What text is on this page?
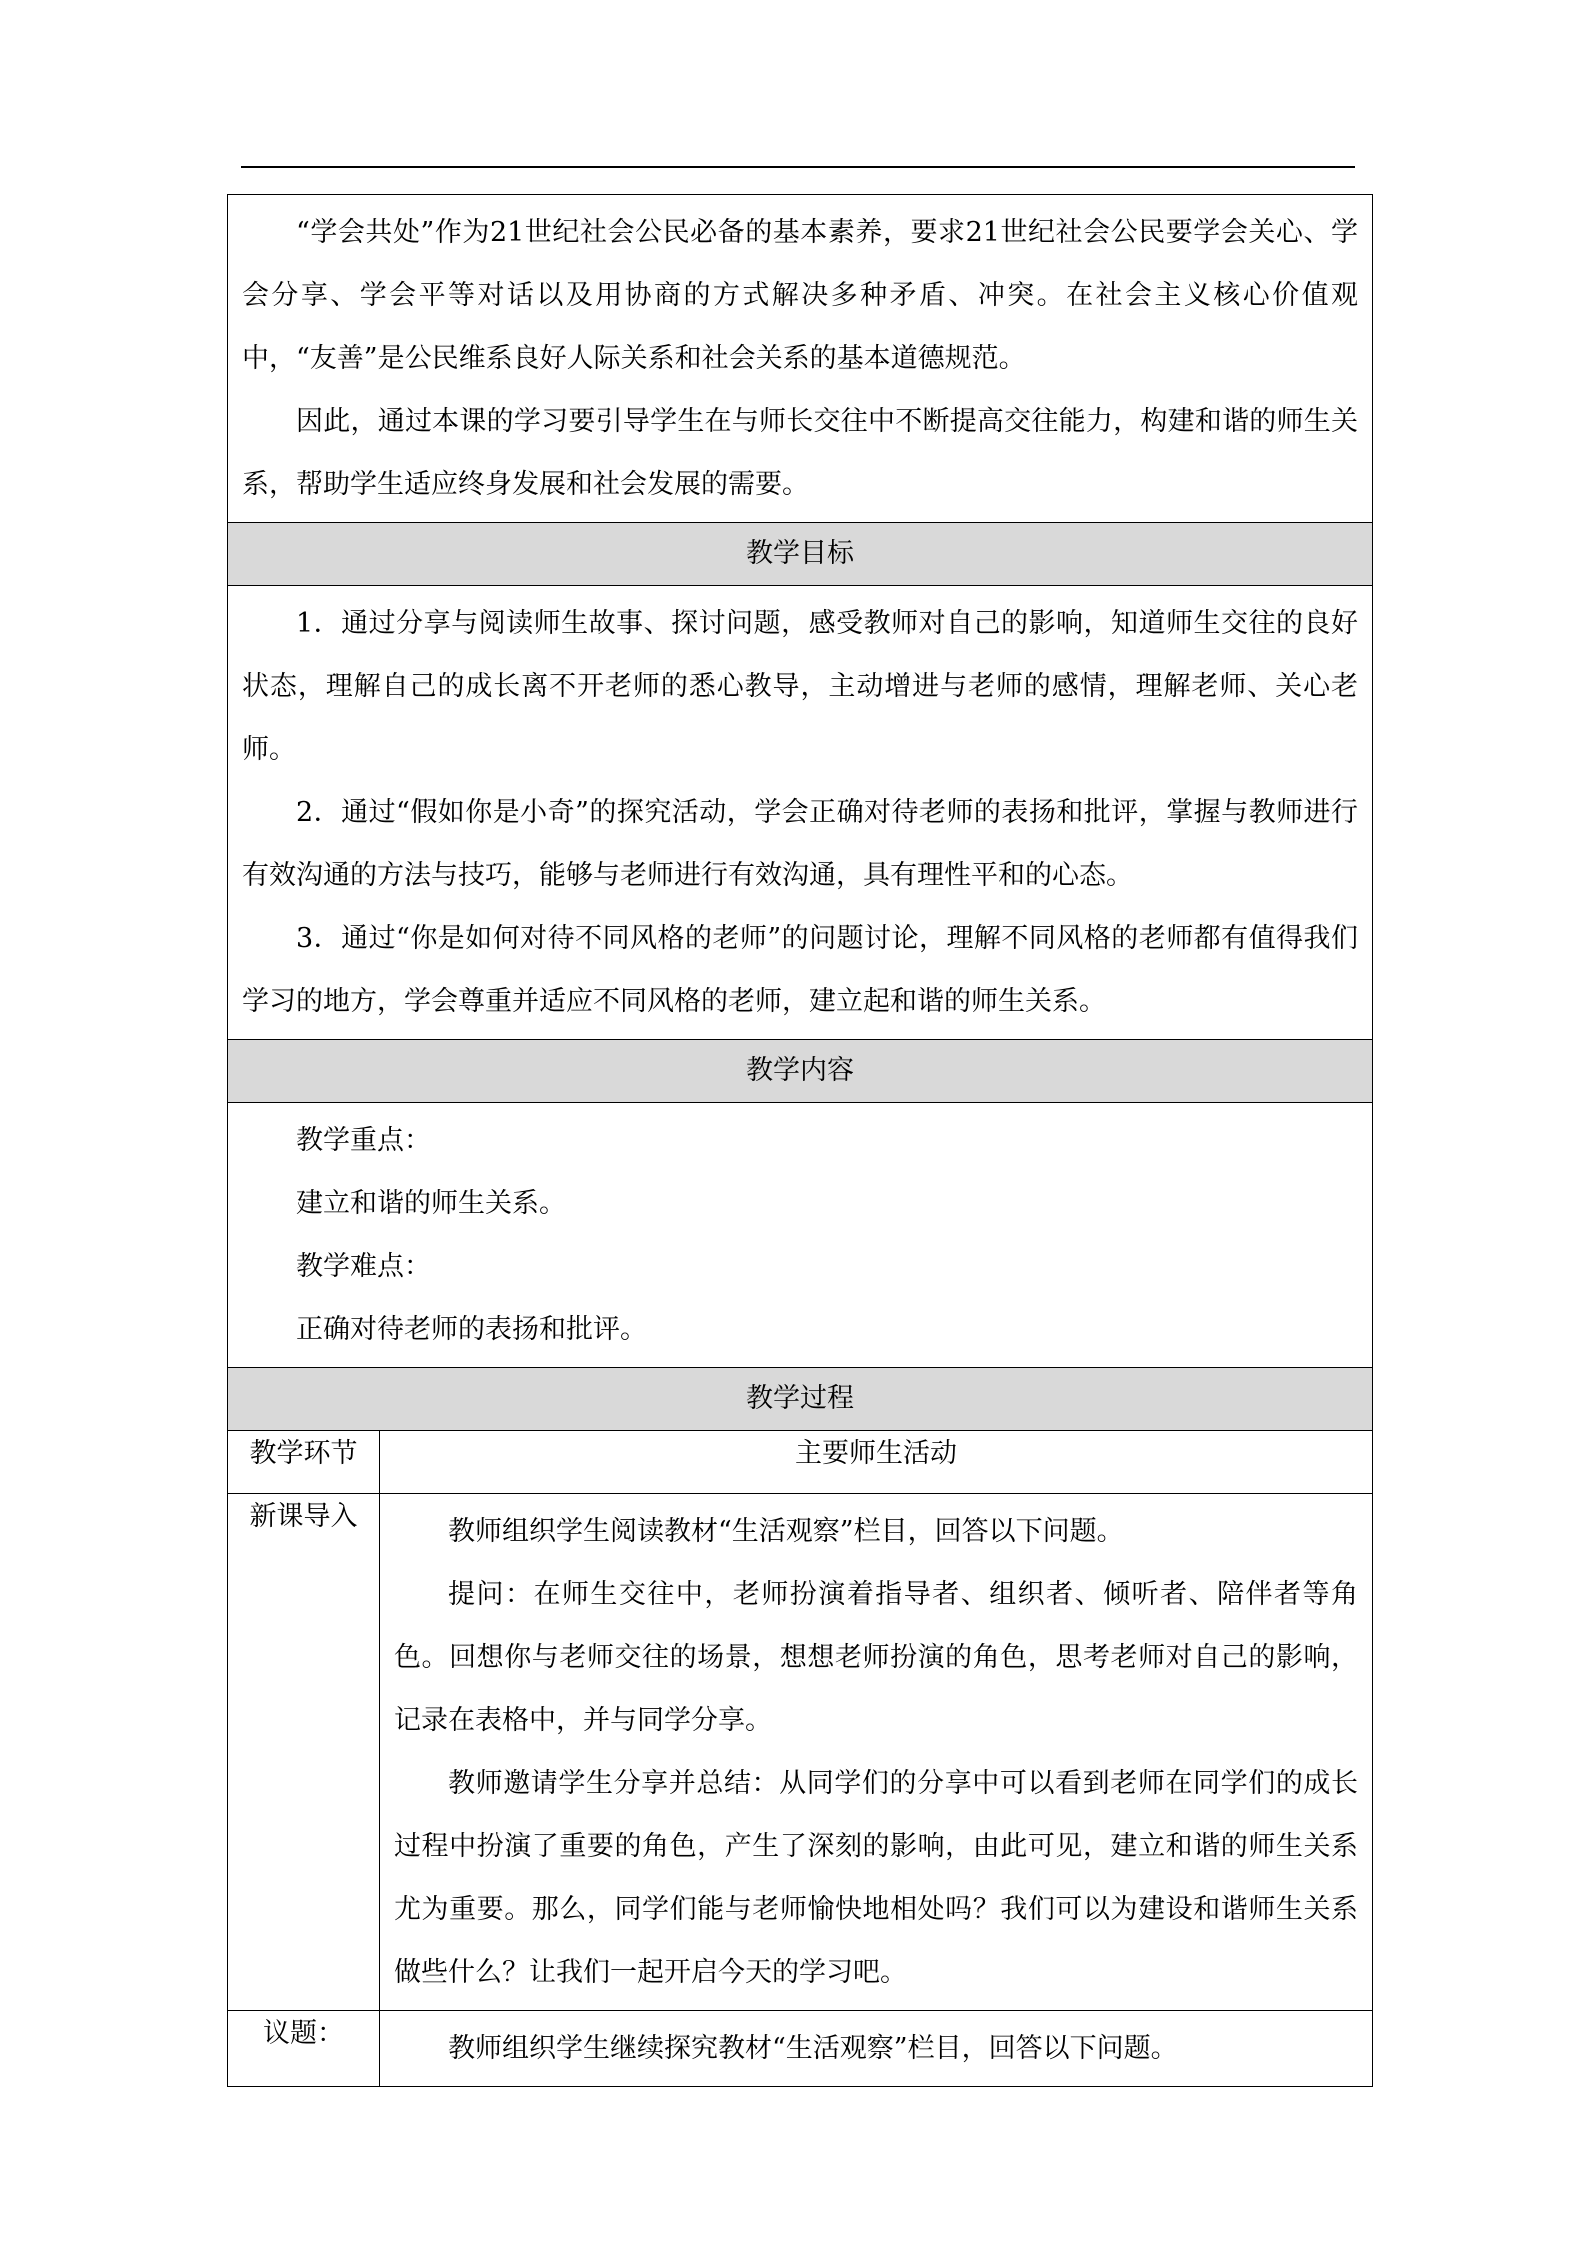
“学会共处”作为21世纪社会公民必备的基本素养，要求21世纪社会公民要学会关心、学会分享、学会平等对话以及用协商的方式解决多种矛盾、冲突。在社会主义核心价值观中，“友善”是公民维系良好人际关系和社会关系的基本道德规范。

因此，通过本课的学习要引导学生在与师长交往中不断提高交往能力，构建和谐的师生关系，帮助学生适应终身发展和社会发展的需要。	

教学目标	

1．通过分享与阅读师生故事、探讨问题，感受教师对自己的影响，知道师生交往的良好状态，理解自己的成长离不开老师的悉心教导，主动增进与老师的感情，理解老师、关心老师。

2．通过“假如你是小奇”的探究活动，学会正确对待老师的表扬和批评，掌握与教师进行有效沟通的方法与技巧，能够与老师进行有效沟通，具有理性平和的心态。

3．通过“你是如何对待不同风格的老师”的问题讨论，理解不同风格的老师都有值得我们学习的地方，学会尊重并适应不同风格的老师，建立起和谐的师生关系。	

教学内容	

教学重点：

建立和谐的师生关系。

教学难点：

正确对待老师的表扬和批评。	

教学过程	
教学环节	主要师生活动
新课导入	教师组织学生阅读教材“生活观察”栏目，回答以下问题。

提问：在师生交往中，老师扮演着指导者、组织者、倾听者、陪伴者等角色。回想你与老师交往的场景，想想老师扮演的角色，思考老师对自己的影响，记录在表格中，并与同学分享。

教师邀请学生分享并总结：从同学们的分享中可以看到老师在同学们的成长过程中扮演了重要的角色，产生了深刻的影响，由此可见，建立和谐的师生关系尤为重要。那么，同学们能与老师愉快地相处吗？我们可以为建设和谐师生关系做些什么？让我们一起开启今天的学习吧。

议题：	教师组织学生继续探究教材“生活观察”栏目，回答以下问题。
